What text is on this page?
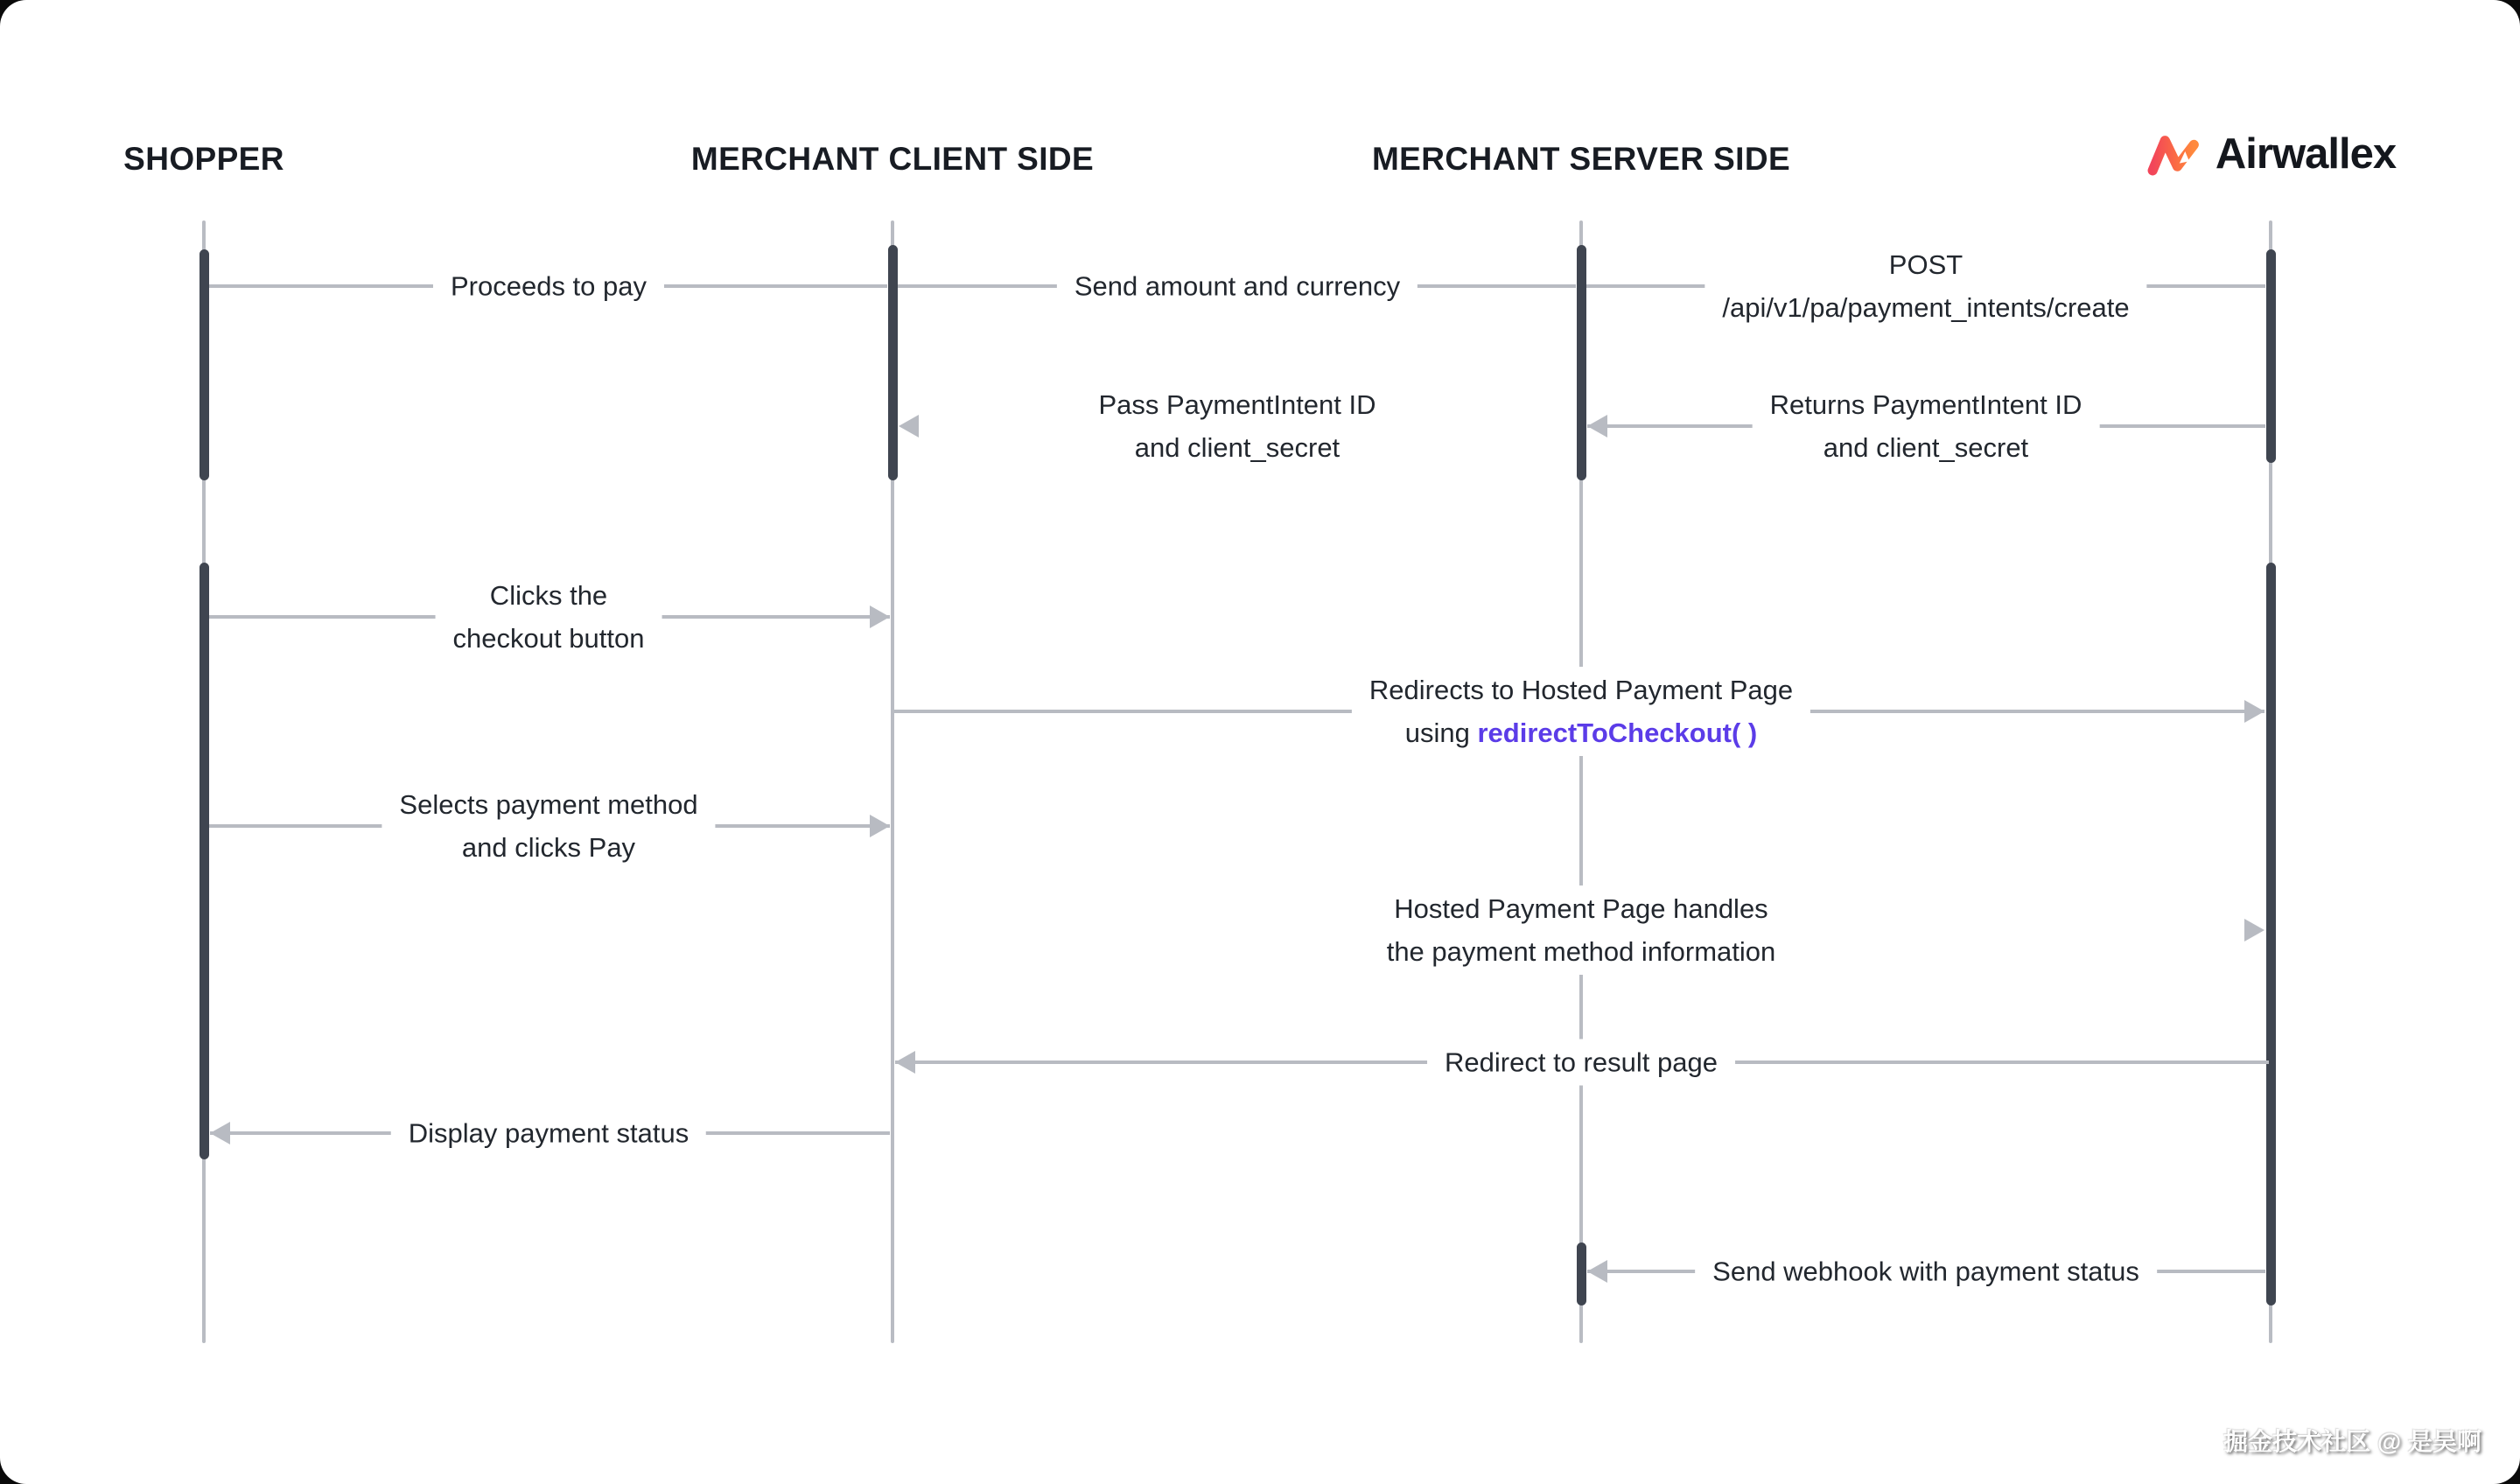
SHOPPER	MERCHANT CLIENT SIDE	MERCHANT SERVER SIDE	Airwallex
Proceeds to pay	Send amount and currency
POST
/api/v1/pa/payment_intents/create
Pass PaymentIntent ID
and client_secret
Returns PaymentIntent ID
and client_secret
Clicks the
checkout button
Redirects to Hosted Payment Page
using redirectToCheckout( )
Selects payment method
and clicks Pay
Hosted Payment Page handles
the payment method information
Redirect to result page
Display payment status
Send webhook with payment status
掘金技术社区 @ 是吴啊
